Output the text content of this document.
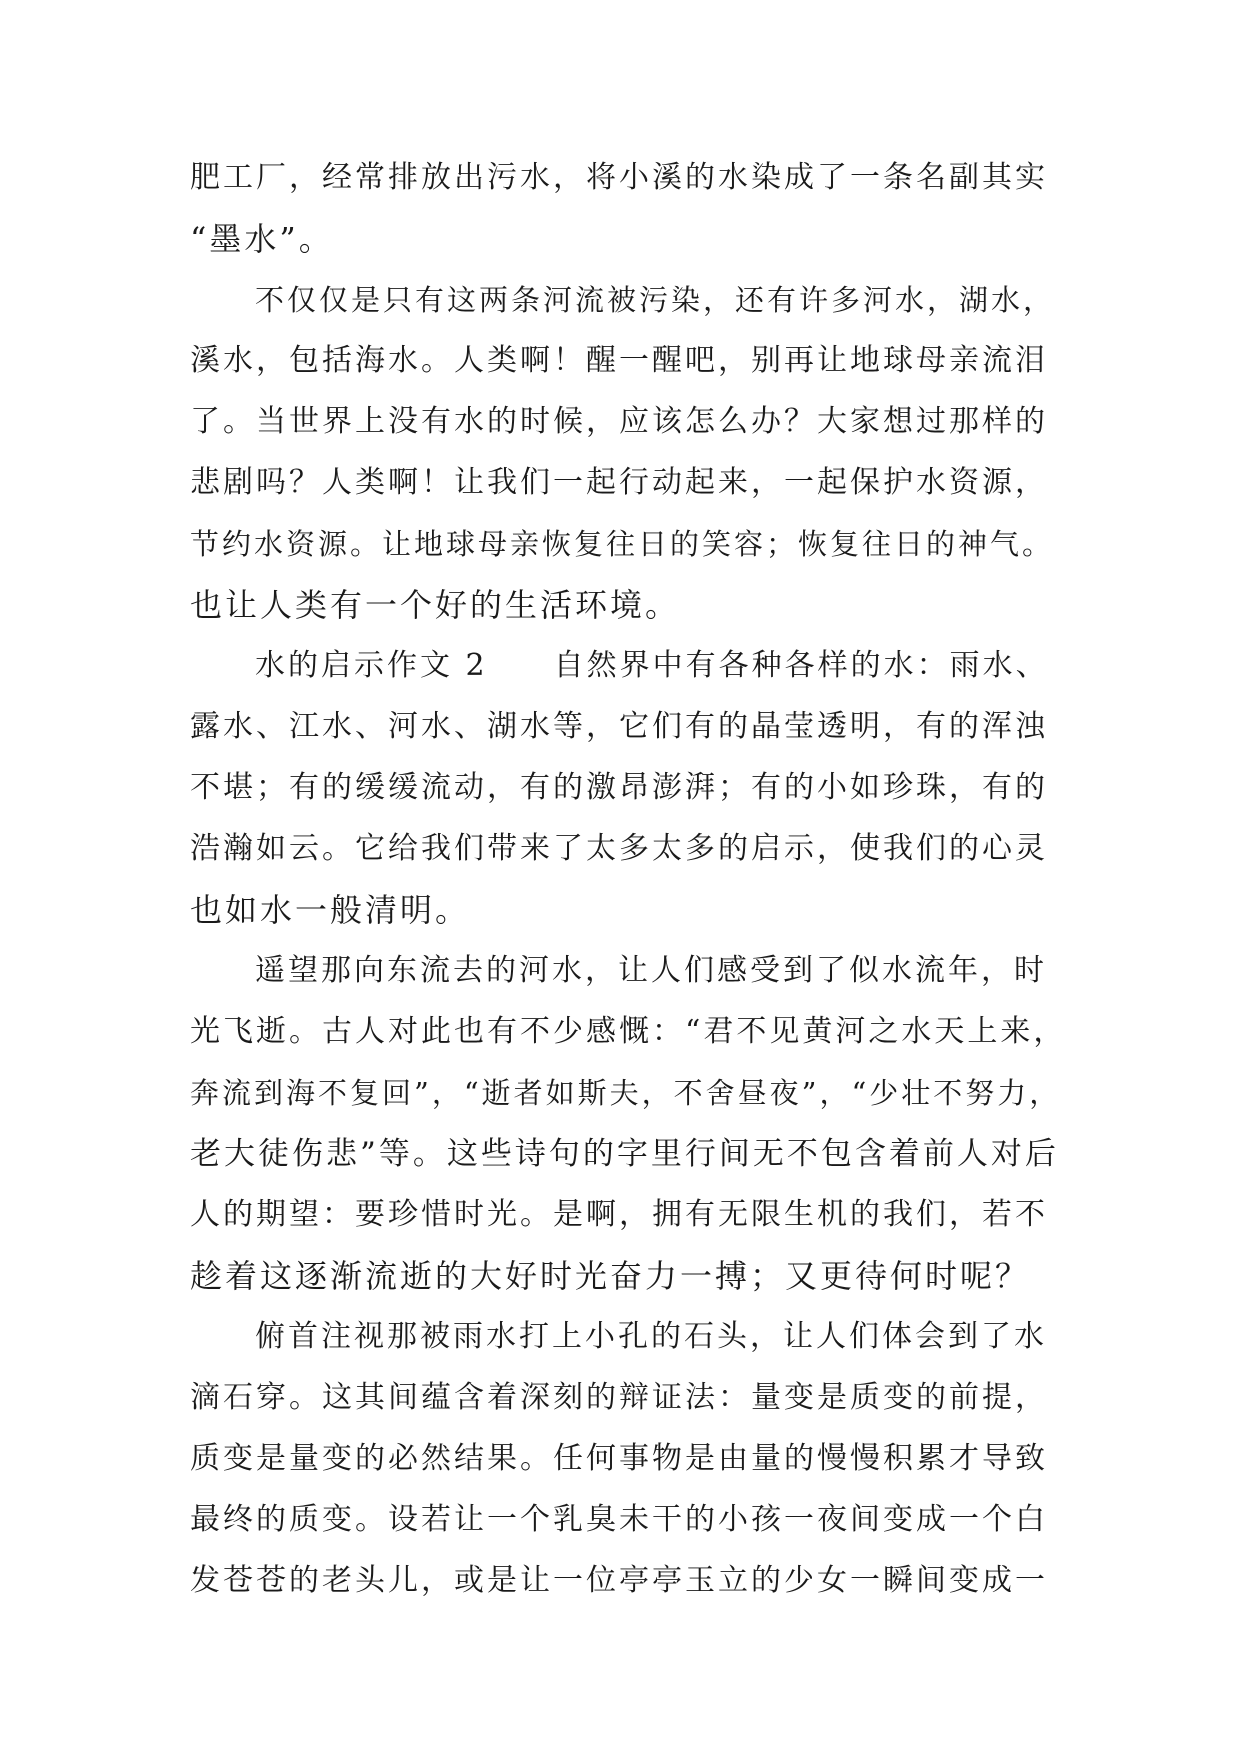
肥工厂，经常排放出污水，将小溪的水染成了一条名副其实
“墨水”。
不仅仅是只有这两条河流被污染，还有许多河水，湖水，
溪水，包括海水。人类啊！醒一醒吧，别再让地球母亲流泪
了。当世界上没有水的时候，应该怎么办？大家想过那样的
悲剧吗？人类啊！让我们一起行动起来，一起保护水资源，
节约水资源。让地球母亲恢复往日的笑容；恢复往日的神气。
也让人类有一个好的生活环境。
水的启示作文 2　　自然界中有各种各样的水：雨水、
露水、江水、河水、湖水等，它们有的晶莹透明，有的浑浊
不堪；有的缓缓流动，有的激昂澎湃；有的小如珍珠，有的
浩瀚如云。它给我们带来了太多太多的启示，使我们的心灵
也如水一般清明。
遥望那向东流去的河水，让人们感受到了似水流年，时
光飞逝。古人对此也有不少感慨：“君不见黄河之水天上来，
奔流到海不复回”，“逝者如斯夫，不舍昼夜”，“少壮不努力，
老大徒伤悲”等。这些诗句的字里行间无不包含着前人对后
人的期望：要珍惜时光。是啊，拥有无限生机的我们，若不
趁着这逐渐流逝的大好时光奋力一搏；又更待何时呢？
俯首注视那被雨水打上小孔的石头，让人们体会到了水
滴石穿。这其间蕴含着深刻的辩证法：量变是质变的前提，
质变是量变的必然结果。任何事物是由量的慢慢积累才导致
最终的质变。设若让一个乳臭未干的小孩一夜间变成一个白
发苍苍的老头儿，或是让一位亭亭玉立的少女一瞬间变成一
